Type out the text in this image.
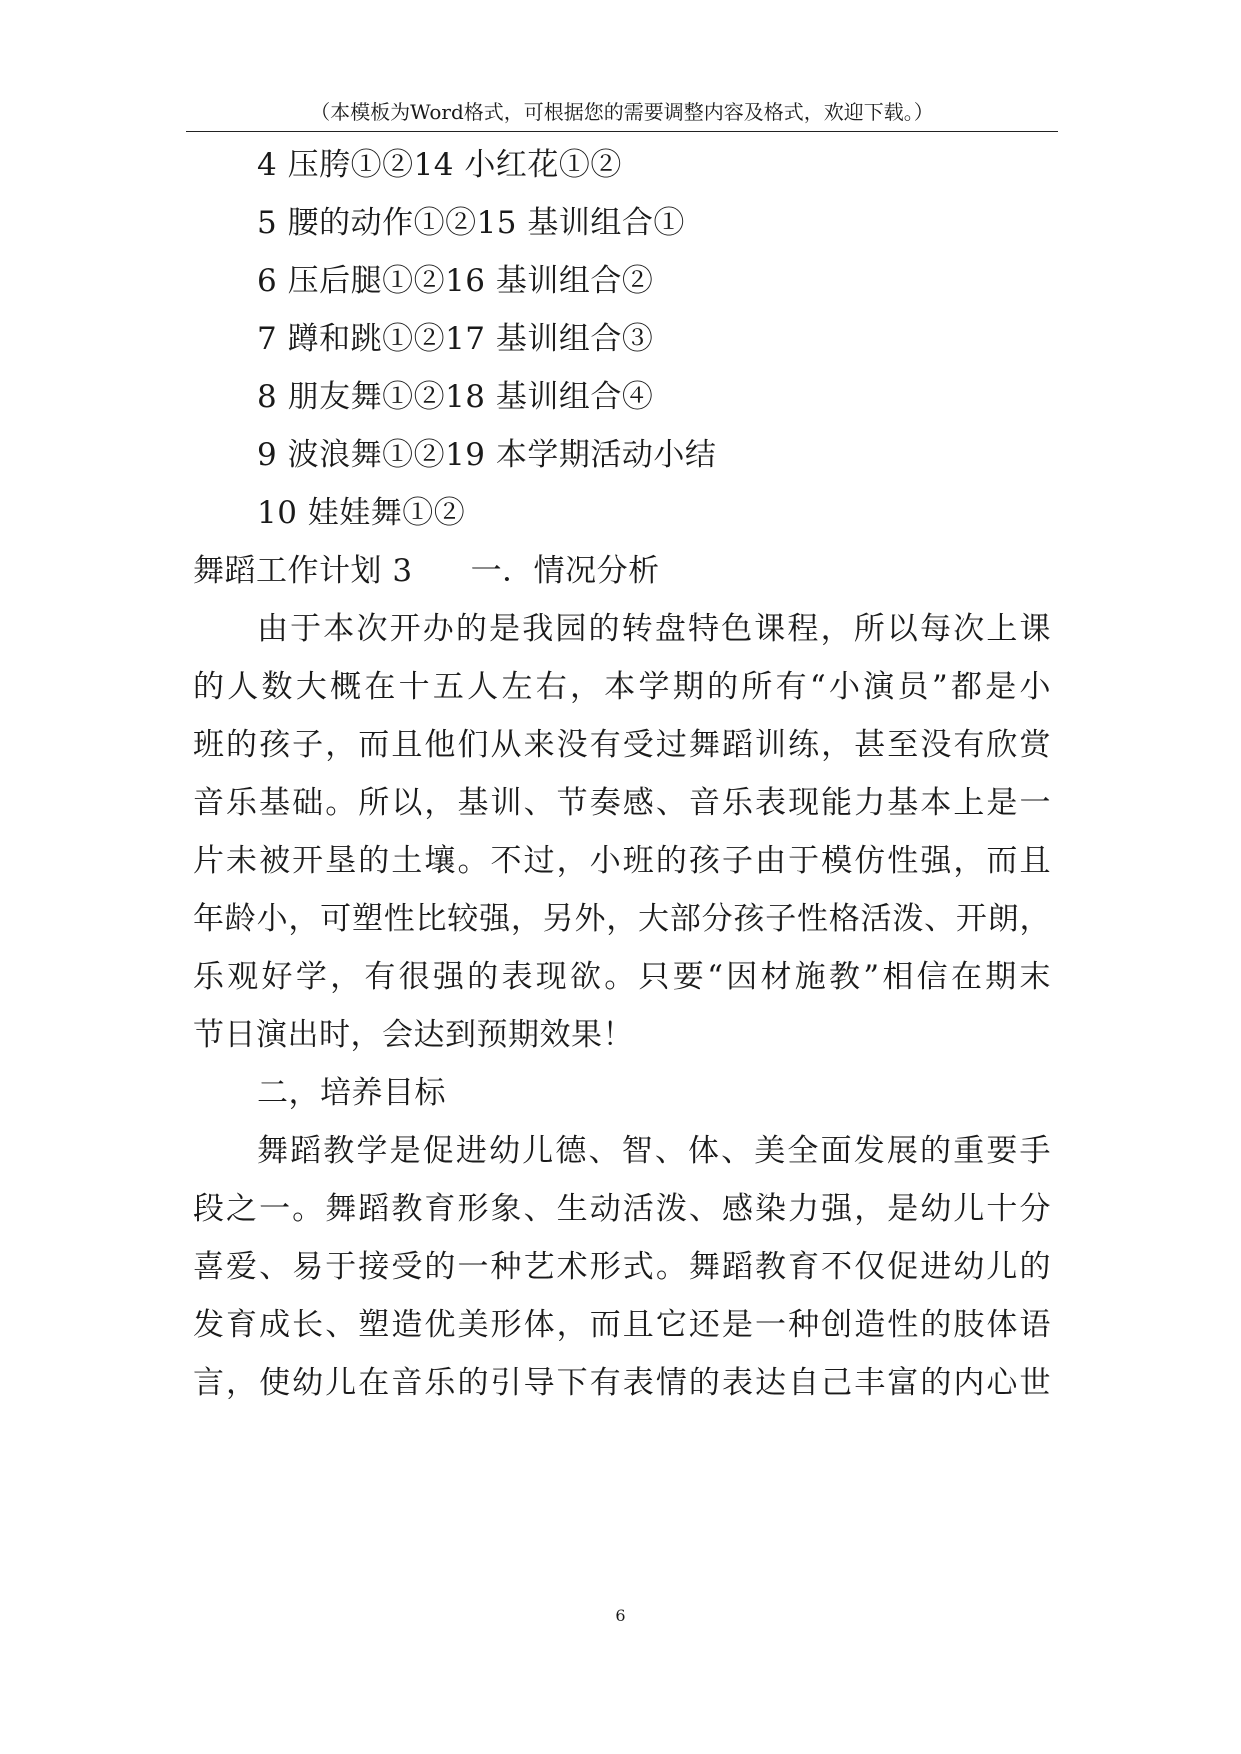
（本模板为Word格式，可根据您的需要调整内容及格式，欢迎下载。）
4 压胯①②14 小红花①②
5 腰的动作①②15 基训组合①
6 压后腿①②16 基训组合②
7 蹲和跳①②17 基训组合③
8 朋友舞①②18 基训组合④
9 波浪舞①②19 本学期活动小结
10 娃娃舞①②
舞蹈工作计划 3 一．情况分析
由于本次开办的是我园的转盘特色课程，所以每次上课
的人数大概在十五人左右，本学期的所有“小演员”都是小
班的孩子，而且他们从来没有受过舞蹈训练，甚至没有欣赏
音乐基础。所以，基训、节奏感、音乐表现能力基本上是一
片未被开垦的土壤。不过，小班的孩子由于模仿性强，而且
年龄小，可塑性比较强，另外，大部分孩子性格活泼、开朗，
乐观好学，有很强的表现欲。只要“因材施教”相信在期末
节日演出时，会达到预期效果！
二，培养目标
舞蹈教学是促进幼儿德、智、体、美全面发展的重要手
段之一。舞蹈教育形象、生动活泼、感染力强，是幼儿十分
喜爱、易于接受的一种艺术形式。舞蹈教育不仅促进幼儿的
发育成长、塑造优美形体，而且它还是一种创造性的肢体语
言，使幼儿在音乐的引导下有表情的表达自己丰富的内心世
6
